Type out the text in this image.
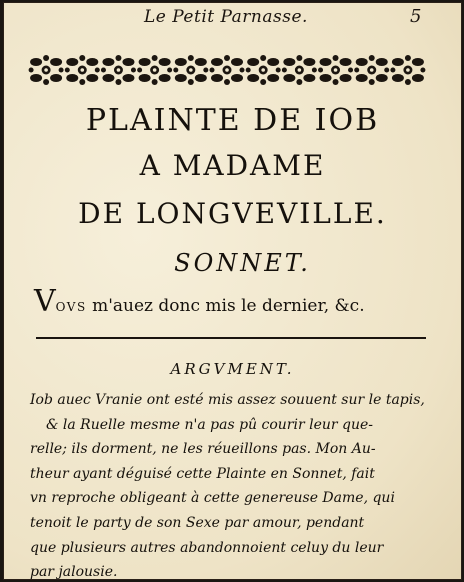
Le Petit Parnasse.	5
PLAINTE DE IOB
A MADAME
DE LONGVEVILLE.
SONNET.
VOVS m'auez donc mis le dernier, &c.
ARGVMENT.
Iob auec Vranie ont esté mis assez souuent sur le tapis,
& la Ruelle mesme n'a pas pû courir leur que-
relle; ils dorment, ne les réueillons pas. Mon Au-
theur ayant déguisé cette Plainte en Sonnet, fait
vn reproche obligeant à cette genereuse Dame, qui
tenoit le party de son Sexe par amour, pendant
que plusieurs autres abandonnoient celuy du leur
par jalousie.
